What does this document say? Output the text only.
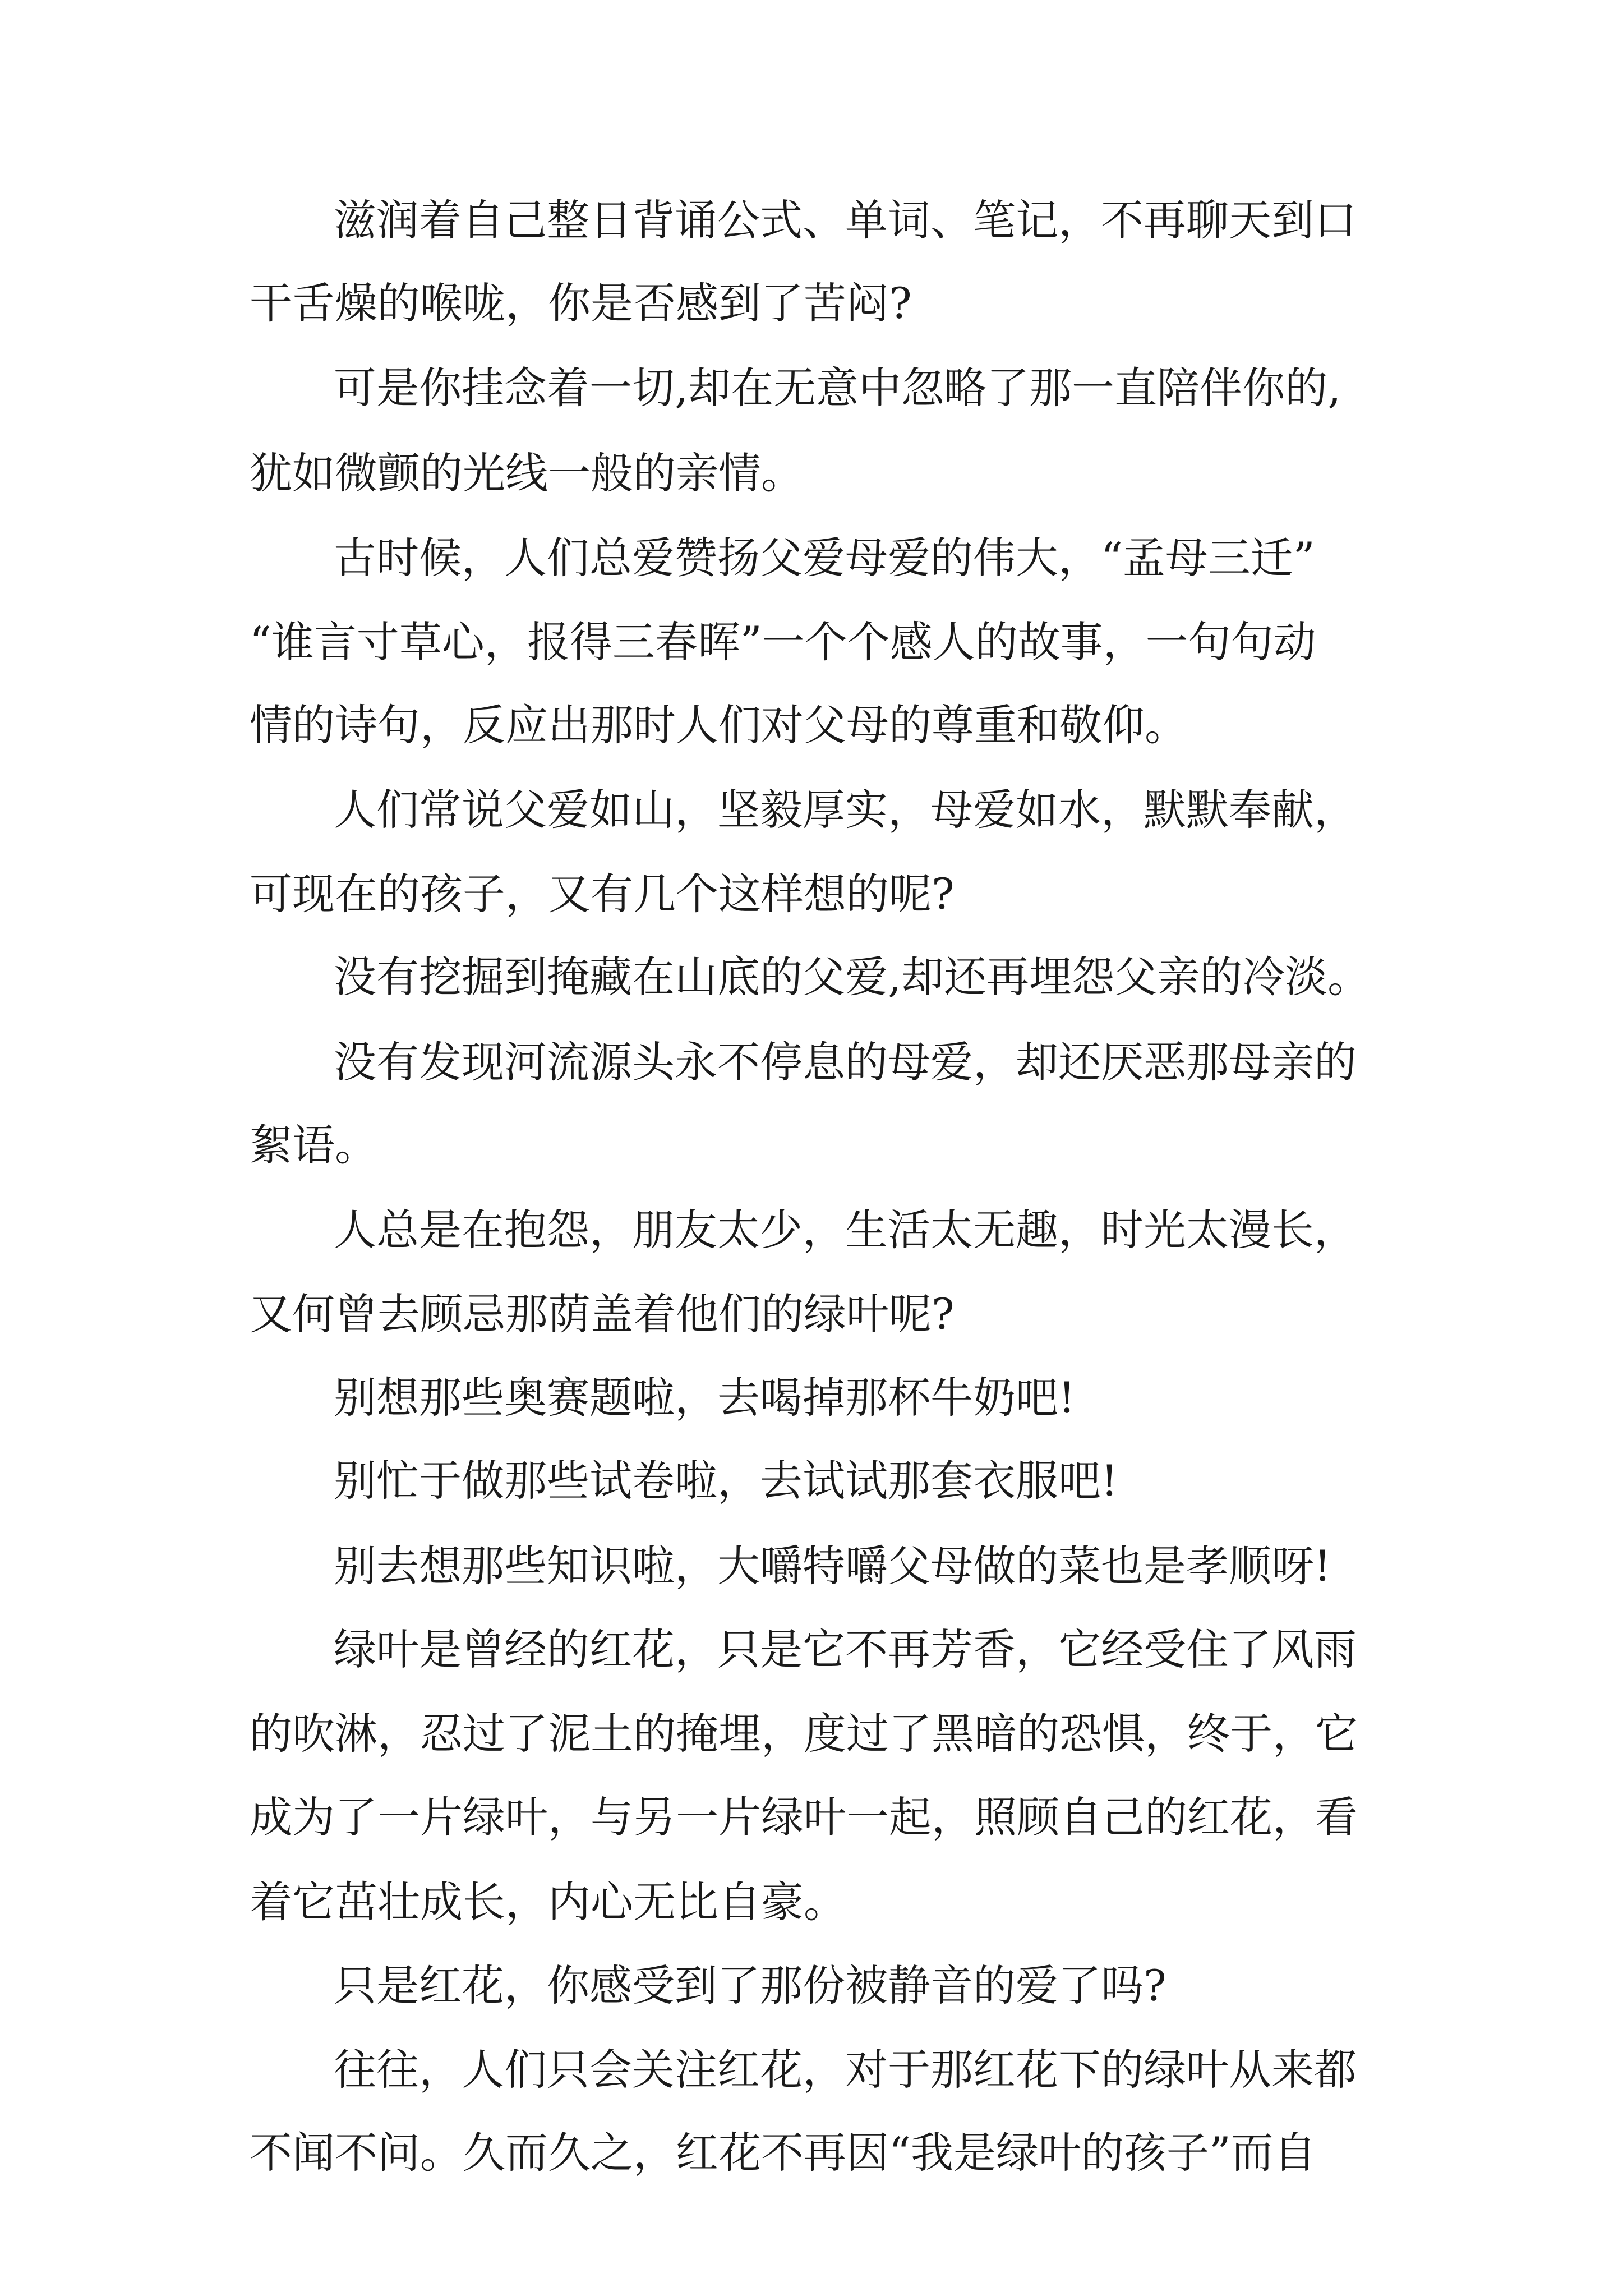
滋润着自己整日背诵公式、单词、笔记，不再聊天到口

干舌燥的喉咙，你是否感到了苦闷?

可是你挂念着一切,却在无意中忽略了那一直陪伴你的,

犹如微颤的光线一般的亲情。

古时候，人们总爱赞扬父爱母爱的伟大，“孟母三迁”

“谁言寸草心，报得三春晖”一个个感人的故事，一句句动

情的诗句，反应出那时人们对父母的尊重和敬仰。

人们常说父爱如山，坚毅厚实，母爱如水，默默奉献，

可现在的孩子，又有几个这样想的呢?

没有挖掘到掩藏在山底的父爱,却还再埋怨父亲的冷淡。

没有发现河流源头永不停息的母爱，却还厌恶那母亲的

絮语。

人总是在抱怨，朋友太少，生活太无趣，时光太漫长，

又何曾去顾忌那荫盖着他们的绿叶呢?

别想那些奥赛题啦，去喝掉那杯牛奶吧!

别忙于做那些试卷啦，去试试那套衣服吧!

别去想那些知识啦，大嚼特嚼父母做的菜也是孝顺呀!

绿叶是曾经的红花，只是它不再芳香，它经受住了风雨

的吹淋，忍过了泥土的掩埋，度过了黑暗的恐惧，终于，它

成为了一片绿叶，与另一片绿叶一起，照顾自己的红花，看

着它茁壮成长，内心无比自豪。

只是红花，你感受到了那份被静音的爱了吗?

往往，人们只会关注红花，对于那红花下的绿叶从来都

不闻不问。久而久之，红花不再因“我是绿叶的孩子”而自
